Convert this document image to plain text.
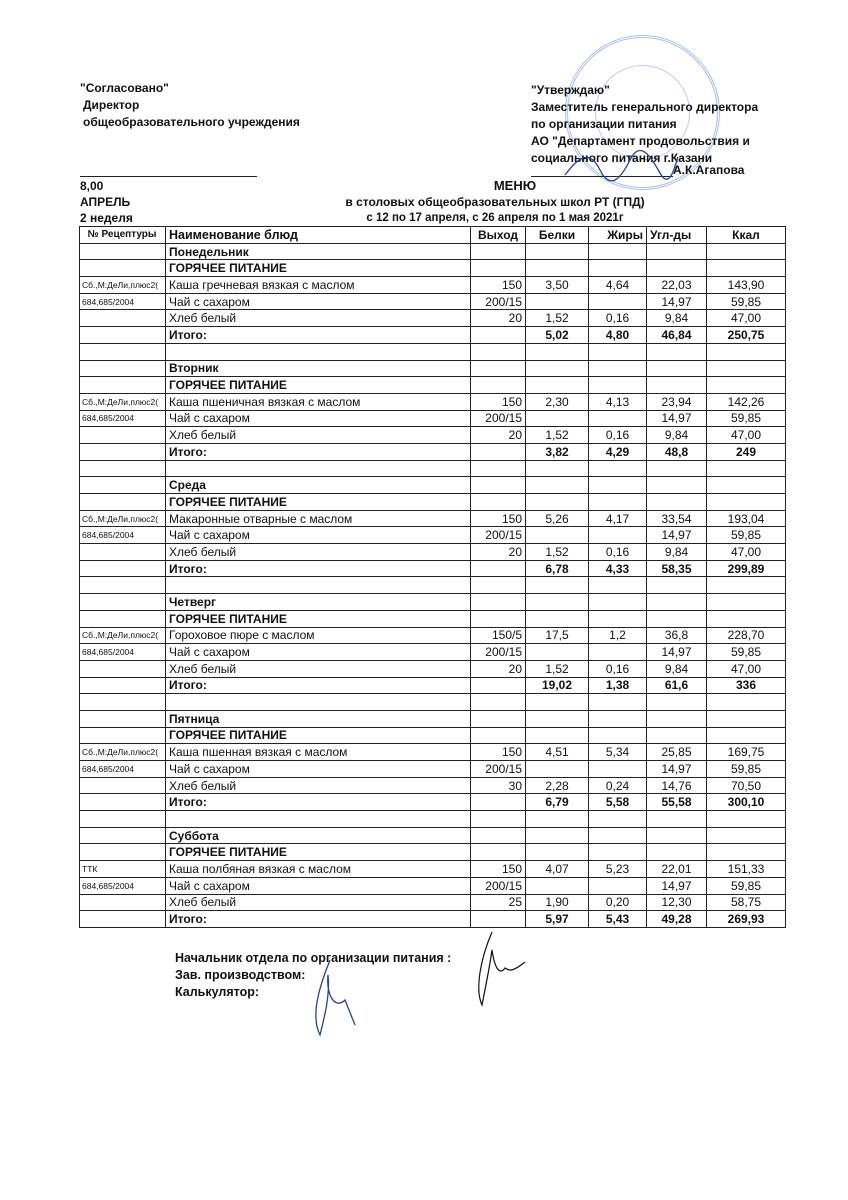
"Согласовано"
Директор
общеобразовательного учреждения
"Утверждаю"
Заместитель генерального директора
по организации питания
АО "Департамент продовольствия и
социального питания г.Казани
А.К.Агапова
8,00
АПРЕЛЬ
2 неделя
МЕНЮ
в столовых общеобразовательных школ РТ (ГПД)
с 12 по 17 апреля, с 26 апреля по 1 мая 2021г
№ Рецептуры	Наименование блюд	Выход	Белки	Жиры	Угл-ды	Ккал
	Понедельник					
	ГОРЯЧЕЕ ПИТАНИЕ					
Сб.,М:ДеЛи,плюс2(	Каша гречневая вязкая с маслом	150	3,50	4,64	22,03	143,90
684,685/2004	Чай с сахаром	200/15			14,97	59,85
	Хлеб белый	20	1,52	0,16	9,84	47,00
	Итого:		5,02	4,80	46,84	250,75

	Вторник					
	ГОРЯЧЕЕ ПИТАНИЕ					
Сб.,М:ДеЛи,плюс2(	Каша пшеничная вязкая с маслом	150	2,30	4,13	23,94	142,26
684,685/2004	Чай с сахаром	200/15			14,97	59,85
	Хлеб белый	20	1,52	0,16	9,84	47,00
	Итого:		3,82	4,29	48,8	249

	Среда					
	ГОРЯЧЕЕ ПИТАНИЕ					
Сб.,М:ДеЛи,плюс2(	Макаронные отварные с маслом	150	5,26	4,17	33,54	193,04
684,685/2004	Чай с сахаром	200/15			14,97	59,85
	Хлеб белый	20	1,52	0,16	9,84	47,00
	Итого:		6,78	4,33	58,35	299,89

	Четверг					
	ГОРЯЧЕЕ ПИТАНИЕ					
Сб.,М:ДеЛи,плюс2(	Гороховое пюре с маслом	150/5	17,5	1,2	36,8	228,70
684,685/2004	Чай с сахаром	200/15			14,97	59,85
	Хлеб белый	20	1,52	0,16	9,84	47,00
	Итого:		19,02	1,38	61,6	336

	Пятница					
	ГОРЯЧЕЕ ПИТАНИЕ					
Сб.,М:ДеЛи,плюс2(	Каша пшенная вязкая с маслом	150	4,51	5,34	25,85	169,75
684,685/2004	Чай с сахаром	200/15			14,97	59,85
	Хлеб белый	30	2,28	0,24	14,76	70,50
	Итого:		6,79	5,58	55,58	300,10

	Суббота					
	ГОРЯЧЕЕ ПИТАНИЕ					
ТТК	Каша полбяная вязкая с маслом	150	4,07	5,23	22,01	151,33
684,685/2004	Чай с сахаром	200/15			14,97	59,85
	Хлеб белый	25	1,90	0,20	12,30	58,75
	Итого:		5,97	5,43	49,28	269,93
Начальник отдела по организации питания :
Зав. производством:
Калькулятор:
